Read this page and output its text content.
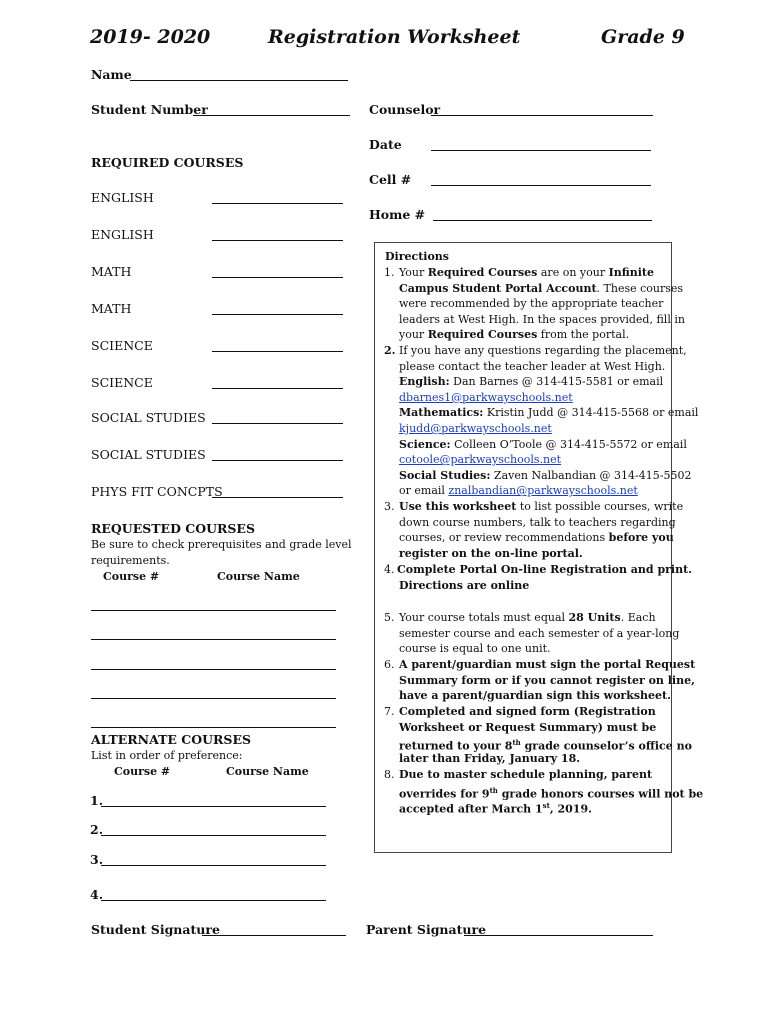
2019- 2020	Registration Worksheet	Grade 9
Name
Student Number	Counselor
Date
Cell #
Home #
REQUIRED COURSES
ENGLISH
ENGLISH
MATH
MATH
SCIENCE
SCIENCE
SOCIAL STUDIES
SOCIAL STUDIES
PHYS FIT CONCPTS
REQUESTED COURSES
Be sure to check prerequisites and grade level
requirements.
Course #	Course Name
ALTERNATE COURSES
List in order of preference:
Course #	Course Name
1.
2.
3.
4.
Student Signature	Parent Signature
Directions
1. Your Required Courses are on your Infinite
Campus Student Portal Account. These courses
were recommended by the appropriate teacher
leaders at West High. In the spaces provided, fill in
your Required Courses from the portal.
2. If you have any questions regarding the placement,
please contact the teacher leader at West High.
English: Dan Barnes @ 314-415-5581 or email
dbarnes1@parkwayschools.net
Mathematics: Kristin Judd @ 314-415-5568 or email
kjudd@parkwayschools.net
Science: Colleen O’Toole @ 314-415-5572 or email
cotoole@parkwayschools.net
Social Studies: Zaven Nalbandian @ 314-415-5502
or email znalbandian@parkwayschools.net
3. Use this worksheet to list possible courses, write
down course numbers, talk to teachers regarding
courses, or review recommendations before you
register on the on-line portal.
4. Complete Portal On-line Registration and print.
Directions are online
5. Your course totals must equal 28 Units. Each
semester course and each semester of a year-long
course is equal to one unit.
6. A parent/guardian must sign the portal Request
Summary form or if you cannot register on line,
have a parent/guardian sign this worksheet.
7. Completed and signed form (Registration
Worksheet or Request Summary) must be
returned to your 8th grade counselor’s office no
later than Friday, January 18.
8. Due to master schedule planning, parent
overrides for 9th grade honors courses will not be
accepted after March 1st, 2019.
